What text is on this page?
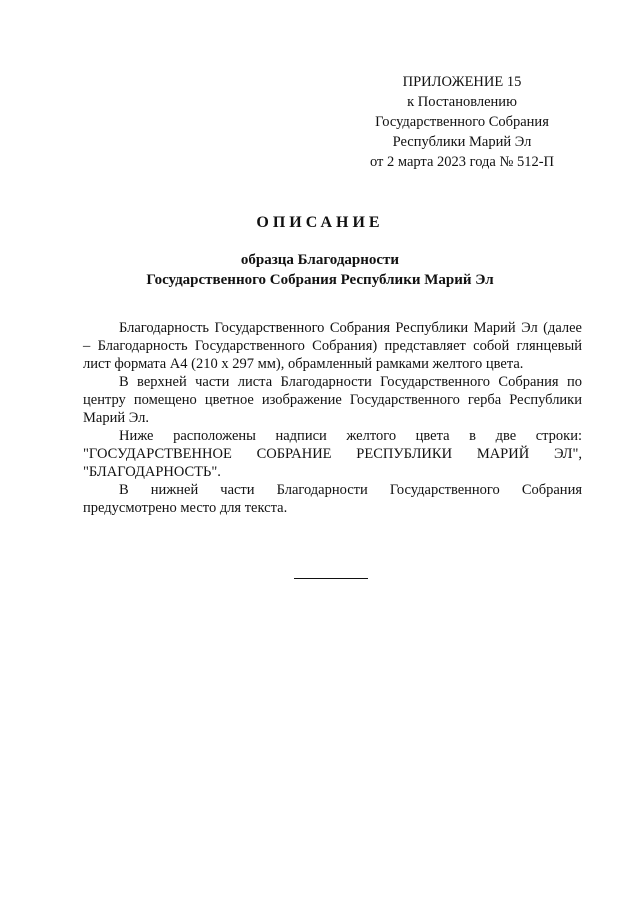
ПРИЛОЖЕНИЕ 15
к Постановлению
Государственного Собрания
Республики Марий Эл
от 2 марта 2023 года № 512-П
ОПИСАНИЕ
образца Благодарности
Государственного Собрания Республики Марий Эл

Благодарность Государственного Собрания Республики Марий Эл (далее – Благодарность Государственного Собрания) представляет собой глянцевый лист формата А4 (210 х 297 мм), обрамленный рамками желтого цвета.

В верхней части листа Благодарности Государственного Собрания по центру помещено цветное изображение Государственного герба Республики Марий Эл.

Ниже расположены надписи желтого цвета в две строки: "ГОСУДАРСТВЕННОЕ СОБРАНИЕ РЕСПУБЛИКИ МАРИЙ ЭЛ", "БЛАГОДАРНОСТЬ".

В нижней части Благодарности Государственного Собрания предусмотрено место для текста.
